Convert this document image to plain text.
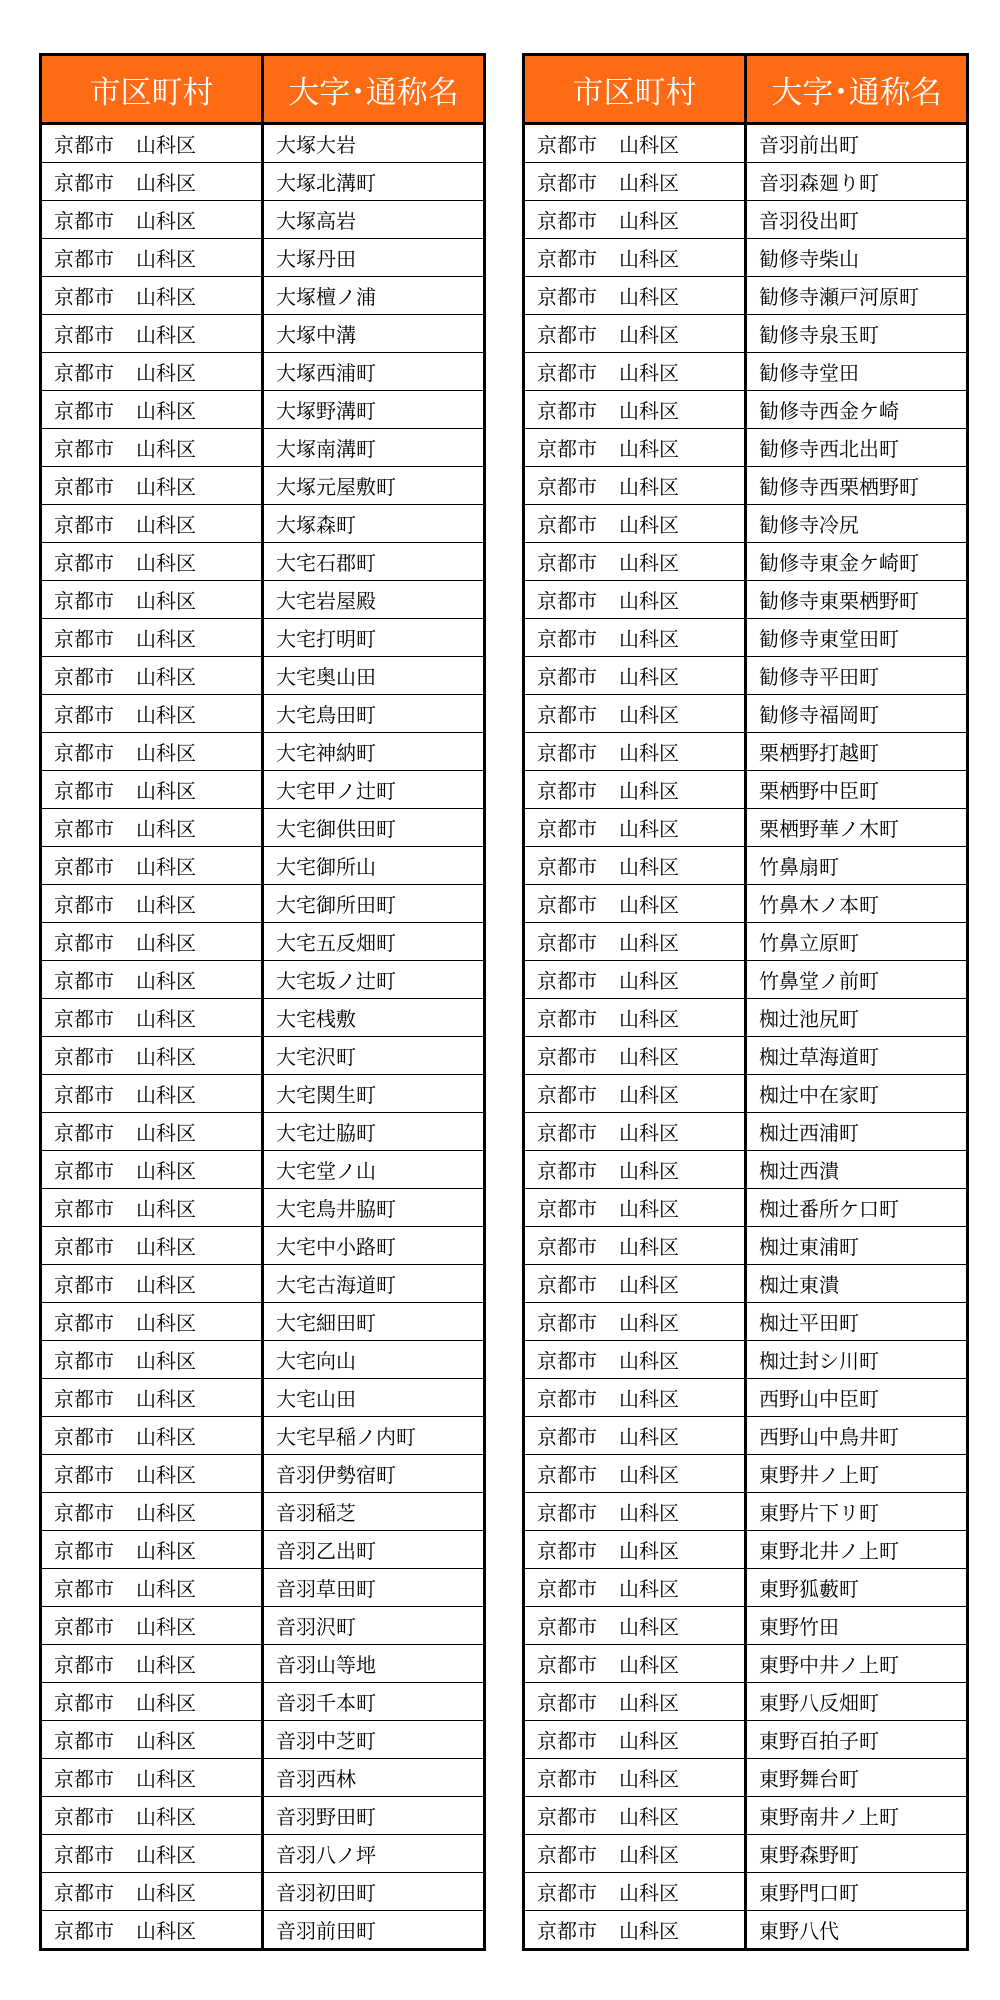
市区町村	大字･通称名
京都市 山科区	大塚大岩
京都市 山科区	大塚北溝町
京都市 山科区	大塚高岩
京都市 山科区	大塚丹田
京都市 山科区	大塚檀ノ浦
京都市 山科区	大塚中溝
京都市 山科区	大塚西浦町
京都市 山科区	大塚野溝町
京都市 山科区	大塚南溝町
京都市 山科区	大塚元屋敷町
京都市 山科区	大塚森町
京都市 山科区	大宅石郡町
京都市 山科区	大宅岩屋殿
京都市 山科区	大宅打明町
京都市 山科区	大宅奥山田
京都市 山科区	大宅鳥田町
京都市 山科区	大宅神納町
京都市 山科区	大宅甲ノ辻町
京都市 山科区	大宅御供田町
京都市 山科区	大宅御所山
京都市 山科区	大宅御所田町
京都市 山科区	大宅五反畑町
京都市 山科区	大宅坂ノ辻町
京都市 山科区	大宅桟敷
京都市 山科区	大宅沢町
京都市 山科区	大宅関生町
京都市 山科区	大宅辻脇町
京都市 山科区	大宅堂ノ山
京都市 山科区	大宅鳥井脇町
京都市 山科区	大宅中小路町
京都市 山科区	大宅古海道町
京都市 山科区	大宅細田町
京都市 山科区	大宅向山
京都市 山科区	大宅山田
京都市 山科区	大宅早稲ノ内町
京都市 山科区	音羽伊勢宿町
京都市 山科区	音羽稲芝
京都市 山科区	音羽乙出町
京都市 山科区	音羽草田町
京都市 山科区	音羽沢町
京都市 山科区	音羽山等地
京都市 山科区	音羽千本町
京都市 山科区	音羽中芝町
京都市 山科区	音羽西林
京都市 山科区	音羽野田町
京都市 山科区	音羽八ノ坪
京都市 山科区	音羽初田町
京都市 山科区	音羽前田町
市区町村	大字･通称名
京都市 山科区	音羽前出町
京都市 山科区	音羽森廻り町
京都市 山科区	音羽役出町
京都市 山科区	勧修寺柴山
京都市 山科区	勧修寺瀬戸河原町
京都市 山科区	勧修寺泉玉町
京都市 山科区	勧修寺堂田
京都市 山科区	勧修寺西金ケ崎
京都市 山科区	勧修寺西北出町
京都市 山科区	勧修寺西栗栖野町
京都市 山科区	勧修寺冷尻
京都市 山科区	勧修寺東金ケ崎町
京都市 山科区	勧修寺東栗栖野町
京都市 山科区	勧修寺東堂田町
京都市 山科区	勧修寺平田町
京都市 山科区	勧修寺福岡町
京都市 山科区	栗栖野打越町
京都市 山科区	栗栖野中臣町
京都市 山科区	栗栖野華ノ木町
京都市 山科区	竹鼻扇町
京都市 山科区	竹鼻木ノ本町
京都市 山科区	竹鼻立原町
京都市 山科区	竹鼻堂ノ前町
京都市 山科区	椥辻池尻町
京都市 山科区	椥辻草海道町
京都市 山科区	椥辻中在家町
京都市 山科区	椥辻西浦町
京都市 山科区	椥辻西潰
京都市 山科区	椥辻番所ケ口町
京都市 山科区	椥辻東浦町
京都市 山科区	椥辻東潰
京都市 山科区	椥辻平田町
京都市 山科区	椥辻封シ川町
京都市 山科区	西野山中臣町
京都市 山科区	西野山中鳥井町
京都市 山科区	東野井ノ上町
京都市 山科区	東野片下リ町
京都市 山科区	東野北井ノ上町
京都市 山科区	東野狐藪町
京都市 山科区	東野竹田
京都市 山科区	東野中井ノ上町
京都市 山科区	東野八反畑町
京都市 山科区	東野百拍子町
京都市 山科区	東野舞台町
京都市 山科区	東野南井ノ上町
京都市 山科区	東野森野町
京都市 山科区	東野門口町
京都市 山科区	東野八代
